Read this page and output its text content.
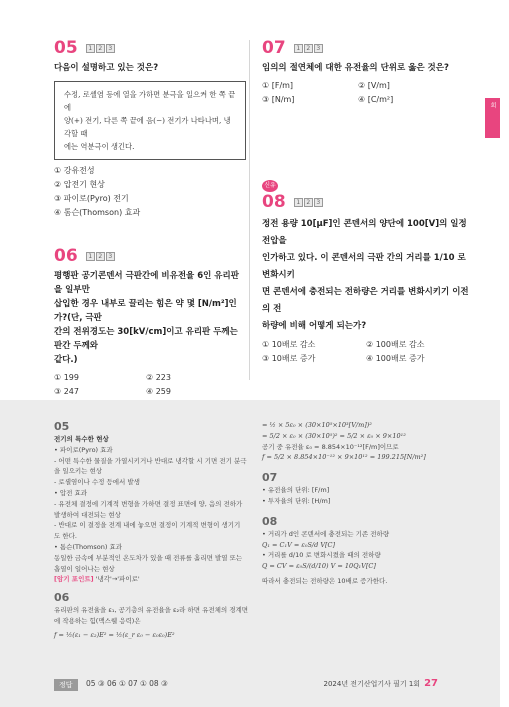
2024년 1회
05	1	2	3
다음이 설명하고 있는 것은?
수정, 로셸염 등에 열을 가하면 분극을 일으켜 한 쪽 끝에
양(+) 전기, 다른 쪽 끝에 음(−) 전기가 나타나며, 냉각할 때
에는 역분극이 생긴다.
① 강유전성
② 압전기 현상
③ 파이로(Pyro) 전기
④ 톰슨(Thomson) 효과
06	1	2	3
평행판 공기콘덴서 극판간에 비유전율 6인 유리판을 일부만
삽입한 경우 내부로 끌리는 힘은 약 몇 [N/m²]인가?(단, 극판
간의 전위경도는 30[kV/cm]이고 유리판 두께는 판간 두께와
같다.)
① 199	② 223
③ 247	④ 259
07	1	2	3
임의의 절연체에 대한 유전율의 단위로 옳은 것은?
① [F/m]	② [V/m]
③ [N/m]	④ [C/m²]
신유
08	1	2	3
정전 용량 10[μF]인 콘덴서의 양단에 100[V]의 일정 전압을
인가하고 있다. 이 콘덴서의 극판 간의 거리를 1/10 로 변화시키
면 콘덴서에 충전되는 전하량은 거리를 변화시키기 이전의 전
하량에 비해 어떻게 되는가?
① 10배로 감소	② 100배로 감소
③ 10배로 증가	④ 100배로 증가
05
전기의 특수한 현상
• 파이로(Pyro) 효과
- 어떤 특수한 물질을 가열시키거나 반대로 냉각할 시 기면 전기 분극
을 일으키는 현상
- 로셸염이나 수정 등에서 발생
• 압전 효과
- 유전체 결정에 기계적 변형을 가하면 결정 표면에 양, 음의 전하가
발생하여 대전되는 현상
- 반대로 이 결정을 전계 내에 놓으면 결정이 기계적 변형이 생기기
도 한다.
• 톰슨(Thomson) 효과
동일한 금속에 부분적인 온도차가 있을 때 전류를 흘리면 발열 또는
흡열이 일어나는 현상
[암기 포인트] '냉각'→'파이로'
06
유리판의 유전율을 ε₁, 공기층의 유전율을 ε₂라 하면 유전체의 경계면
에 작용하는 힘(맥스웰 응력)은
f = ½(ε₁ − ε₂)E² = ½(ε_r ε₀ − ε₀ε₀)E²
= ½ × 5ε₀ × (30×10⁵×10³[V/m])²
= 5/2 × ε₀ × (30×10⁵)² = 5/2 × ε₀ × 9×10¹²
공기 중 유전율 ε₀ = 8.854×10⁻¹²[F/m]이므로
f = 5/2 × 8.854×10⁻¹² × 9×10¹² = 199.215[N/m²]
07
• 유전율의 단위: [F/m]
• 투자율의 단위: [H/m]
08
• 거리가 d인 콘덴서에 충전되는 기존 전하량
Q₁ = C₁V = ε₀S/d V[C]
• 거리를 d/10 로 변화시켰을 때의 전하량
Q = CV = ε₀S/(d/10) V = 10Q₁V[C]
따라서 충전되는 전하량은 10배로 증가한다.
정답	05 ③ 06 ① 07 ① 08 ③	2024년 전기산업기사 필기 1회 27
